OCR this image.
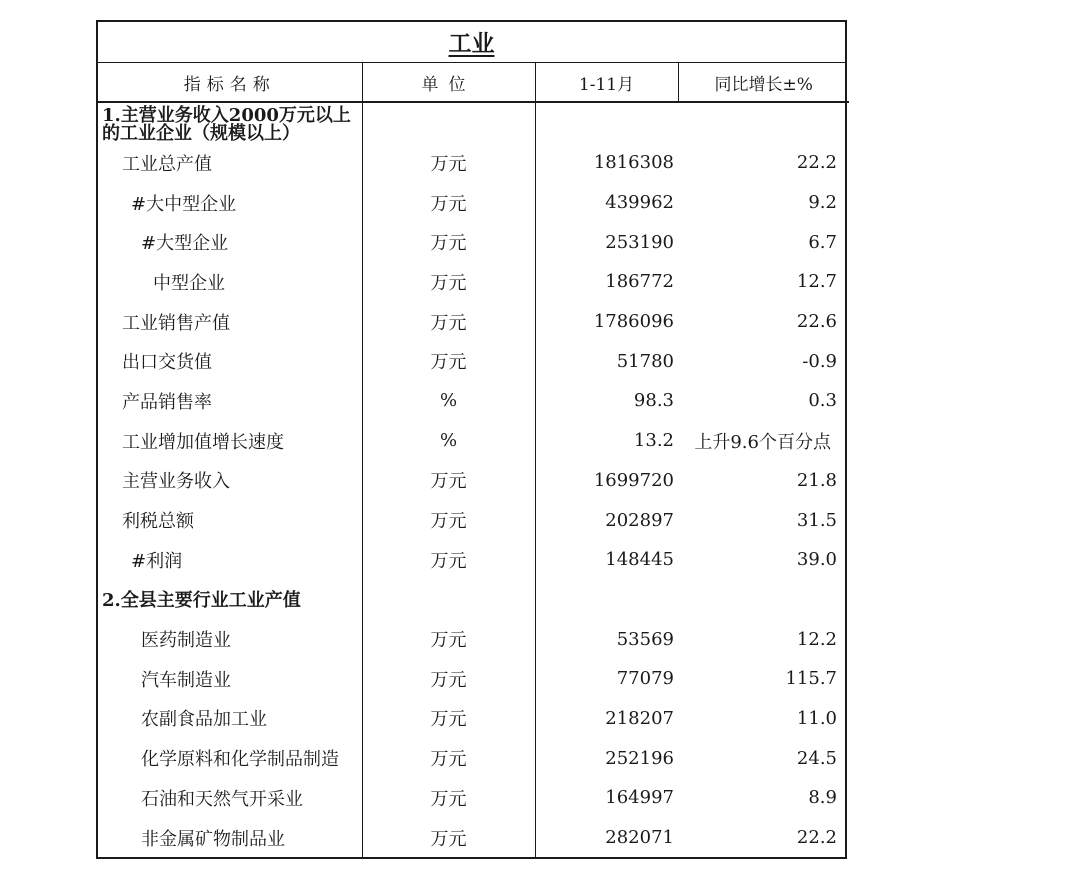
工业
指标名称	单位	1-11月	同比增长±%

1.主营业务收入2000万元以上的工业企业（规模以上）			

工业总产值	万元	1816308	22.2
#大中型企业	万元	439962	9.2
#大型企业	万元	253190	6.7
中型企业	万元	186772	12.7
工业销售产值	万元	1786096	22.6
出口交货值	万元	51780	-0.9
产品销售率	%	98.3	0.3
工业增加值增长速度	%	13.2	上升9.6个百分点
主营业务收入	万元	1699720	21.8
利税总额	万元	202897	31.5
#利润	万元	148445	39.0
2.全县主要行业工业产值			
医药制造业	万元	53569	12.2
汽车制造业	万元	77079	115.7
农副食品加工业	万元	218207	11.0
化学原料和化学制品制造	万元	252196	24.5
石油和天然气开采业	万元	164997	8.9
非金属矿物制品业	万元	282071	22.2
